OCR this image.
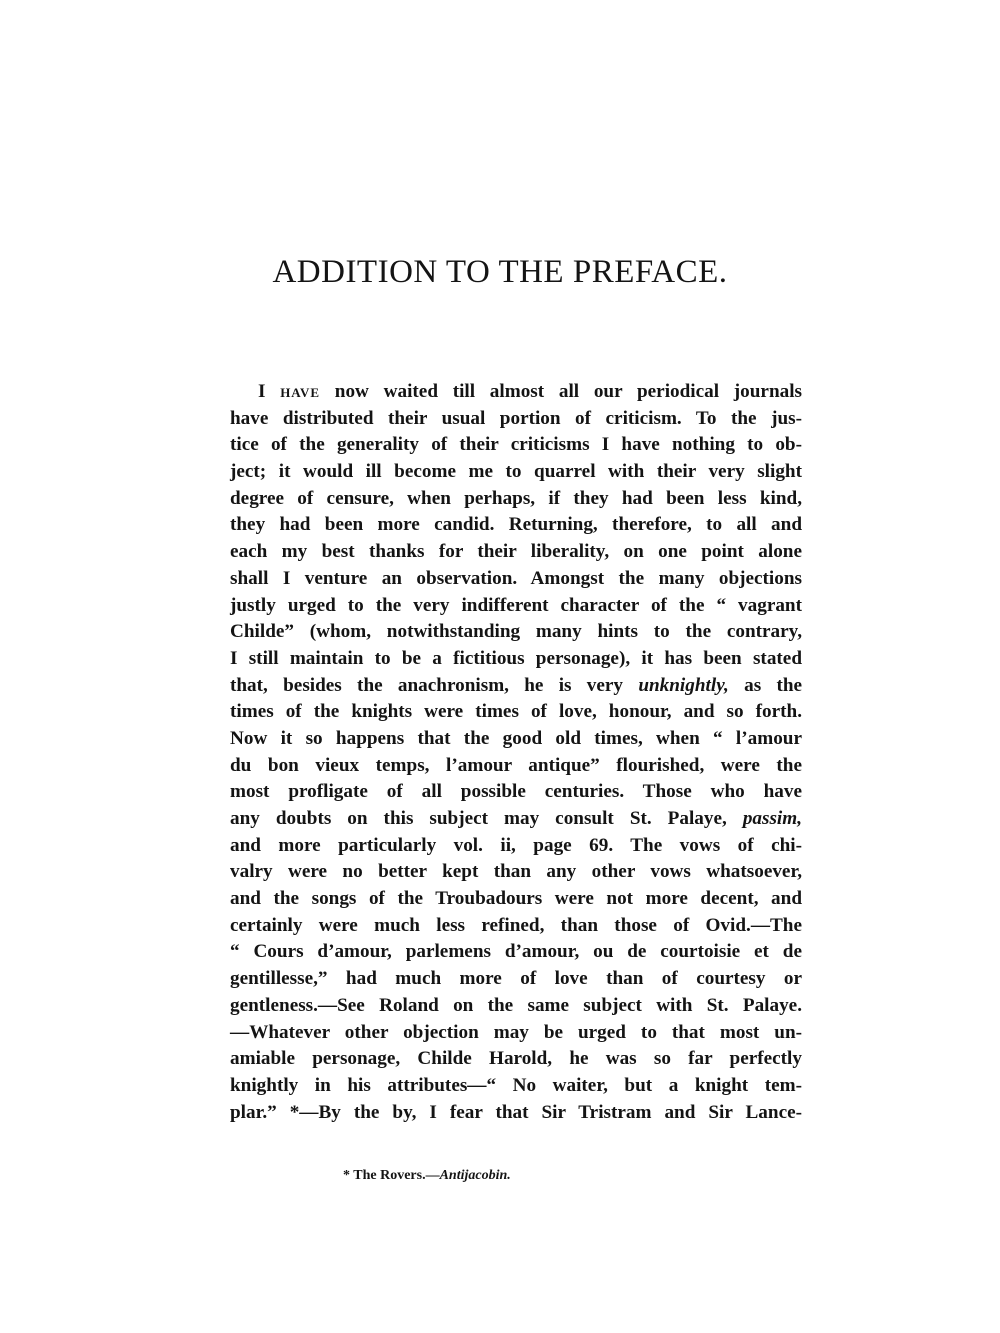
ADDITION TO THE PREFACE.
I HAVE now waited till almost all our periodical journals
have distributed their usual portion of criticism. To the jus-
tice of the generality of their criticisms I have nothing to ob-
ject; it would ill become me to quarrel with their very slight
degree of censure, when perhaps, if they had been less kind,
they had been more candid. Returning, therefore, to all and
each my best thanks for their liberality, on one point alone
shall I venture an observation. Amongst the many objections
justly urged to the very indifferent character of the “ vagrant
Childe” (whom, notwithstanding many hints to the contrary,
I still maintain to be a fictitious personage), it has been stated
that, besides the anachronism, he is very unknightly, as the
times of the knights were times of love, honour, and so forth.
Now it so happens that the good old times, when “ l’amour
du bon vieux temps, l’amour antique” flourished, were the
most profligate of all possible centuries. Those who have
any doubts on this subject may consult St. Palaye, passim,
and more particularly vol. ii, page 69. The vows of chi-
valry were no better kept than any other vows whatsoever,
and the songs of the Troubadours were not more decent, and
certainly were much less refined, than those of Ovid.—The
“ Cours d’amour, parlemens d’amour, ou de courtoisie et de
gentillesse,” had much more of love than of courtesy or
gentleness.—See Roland on the same subject with St. Palaye.
—Whatever other objection may be urged to that most un-
amiable personage, Childe Harold, he was so far perfectly
knightly in his attributes—“ No waiter, but a knight tem-
plar.” *—By the by, I fear that Sir Tristram and Sir Lance-

* The Rovers.—Antijacobin.
